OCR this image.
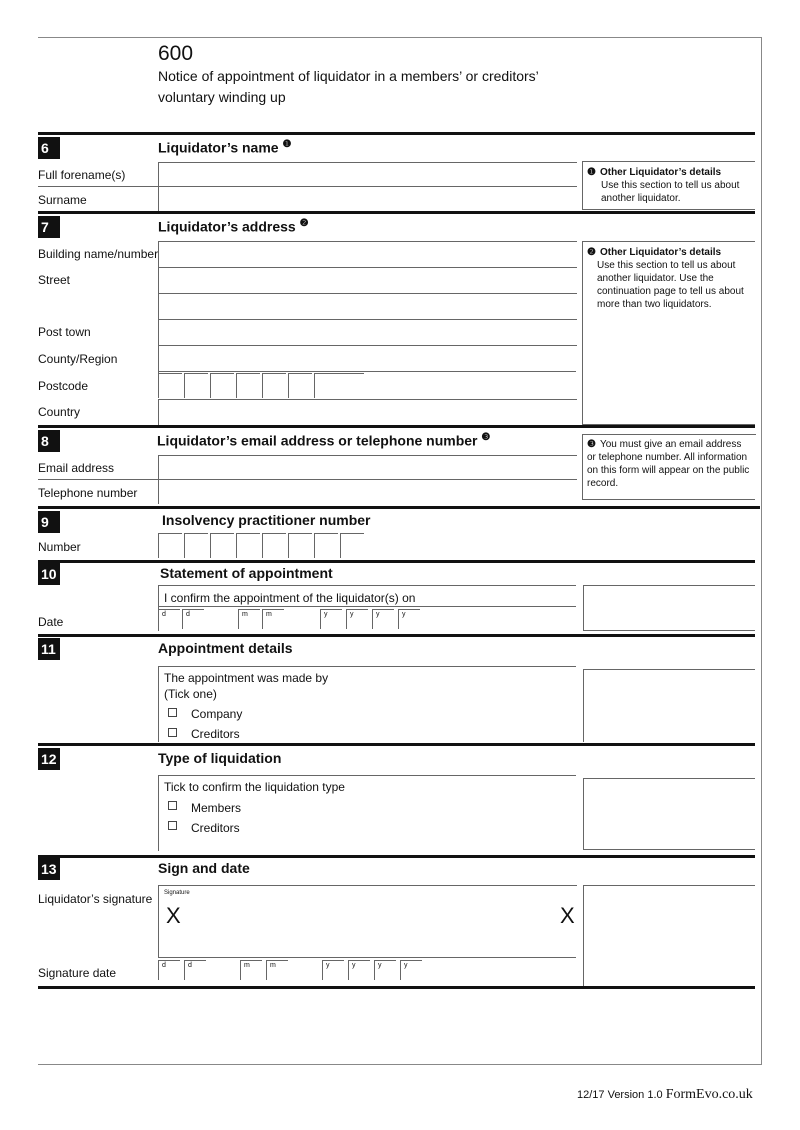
600
Notice of appointment of liquidator in a members’ or creditors’ voluntary winding up
6	Liquidator’s name $^❶$
Full forename(s)
Surname
❶ Other Liquidator’s details
Use this section to tell us about another liquidator.
7	Liquidator’s address $^❷$
Building name/number
Street
Post town
County/Region
Postcode
Country
❷ Other Liquidator’s details
Use this section to tell us about another liquidator. Use the continuation page to tell us about more than two liquidators.
8	Liquidator’s email address or telephone number $^❸$
Email address
Telephone number
❸ You must give an email address or telephone number. All information on this form will appear on the public record.
9	Insolvency practitioner number
Number
10	Statement of appointment
I confirm the appointment of the liquidator(s) on
Date
d	d	m	m	y	y	y	y
11	Appointment details
The appointment was made by
(Tick one)
Company
Creditors
12	Type of liquidation
Tick to confirm the liquidation type
Members
Creditors
13	Sign and date
Liquidator’s signature Signature
X	X
Signature date
d	d	m	m	y	y	y	y
12/17 Version 1.0 FormEvo.co.uk
